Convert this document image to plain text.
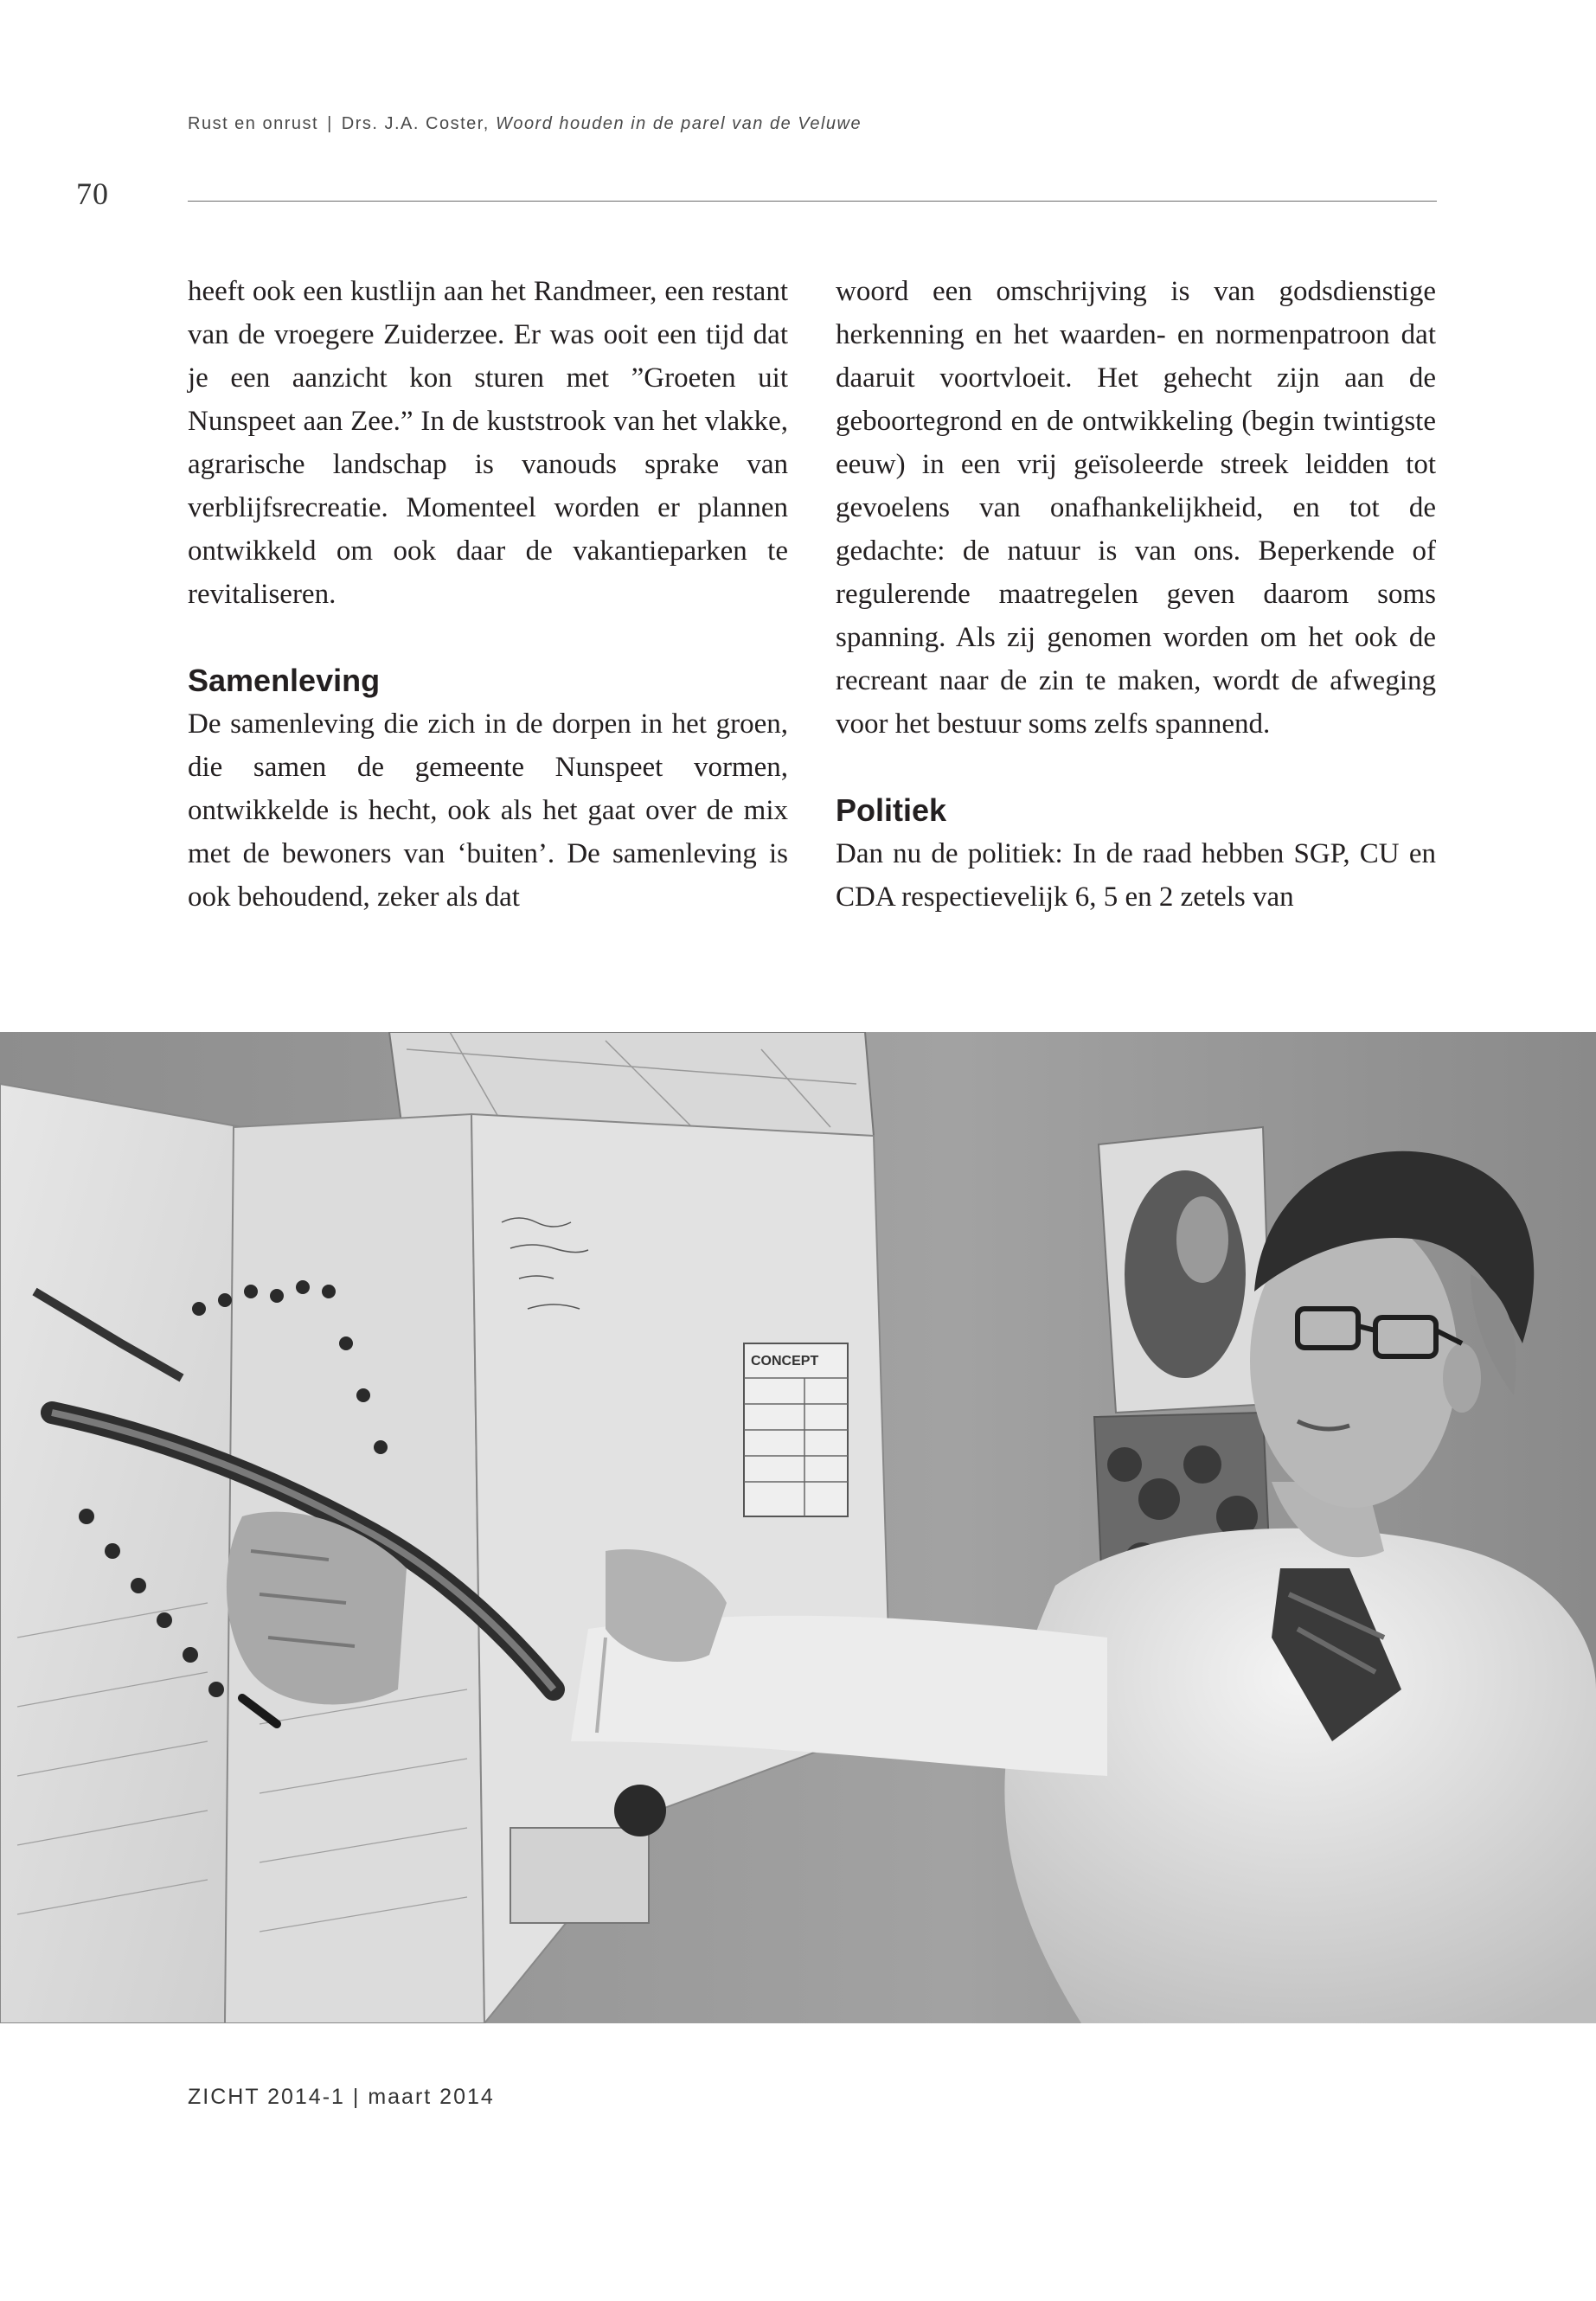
Rust en onrust | Drs. J.A. Coster, Woord houden in de parel van de Veluwe
70

heeft ook een kustlijn aan het Randmeer, een restant van de vroegere Zuiderzee. Er was ooit een tijd dat je een aanzicht kon sturen met ”Groeten uit Nunspeet aan Zee.” In de kuststrook van het vlakke, agrarische landschap is vanouds sprake van verblijfsrecreatie. Momenteel worden er plannen ontwikkeld om ook daar de vakantieparken te revitaliseren.

Samenleving

De samenleving die zich in de dorpen in het groen, die samen de gemeente Nunspeet vormen, ontwikkelde is hecht, ook als het gaat over de mix met de bewoners van ‘buiten’. De samenleving is ook behoudend, zeker als dat

woord een omschrijving is van godsdienstige herkenning en het waarden- en normenpatroon dat daaruit voortvloeit. Het gehecht zijn aan de geboortegrond en de ontwikkeling (begin twintigste eeuw) in een vrij geïsoleerde streek leidden tot gevoelens van onafhankelijkheid, en tot de gedachte: de natuur is van ons. Beperkende of regulerende maatregelen geven daarom soms spanning. Als zij genomen worden om het ook de recreant naar de zin te maken, wordt de afweging voor het bestuur soms zelfs spannend.

Politiek

Dan nu de politiek: In de raad hebben SGP, CU en CDA respectievelijk 6, 5 en 2 zetels van

CONCEPT
ZICHT 2014-1 | maart 2014
